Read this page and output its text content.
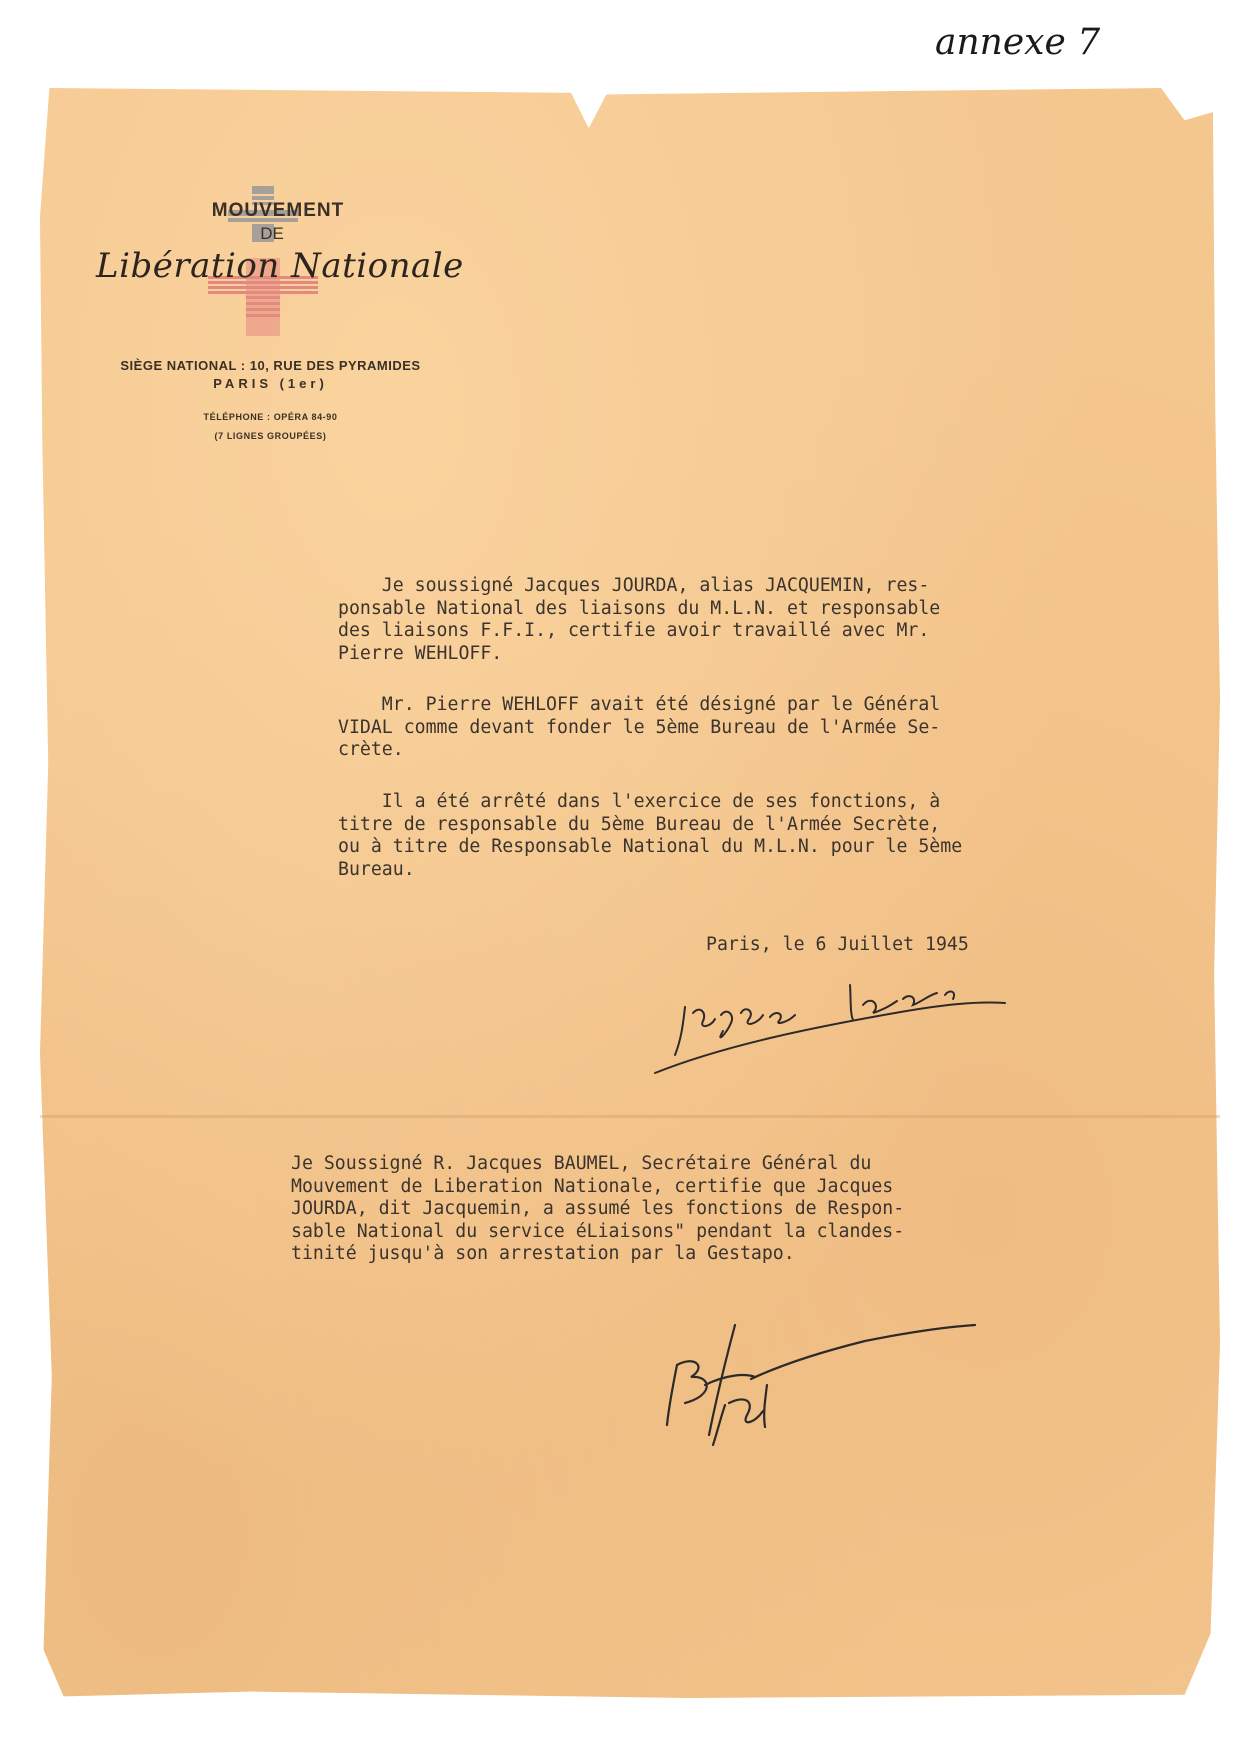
annexe 7
MOUVEMENT
DE
Libération Nationale
SIÈGE NATIONAL : 10, RUE DES PYRAMIDES
PARIS (1er)
TÉLÉPHONE : OPÉRA 84-90
(7 LIGNES GROUPÉES)
Je soussigné Jacques JOURDA, alias JACQUEMIN, res-
ponsable National des liaisons du M.L.N. et responsable
des liaisons F.F.I., certifie avoir travaillé avec Mr.
Pierre WEHLOFF.
Mr. Pierre WEHLOFF avait été désigné par le Général
VIDAL comme devant fonder le 5ème Bureau de l'Armée Se-
crète.
Il a été arrêté dans l'exercice de ses fonctions, à
titre de responsable du 5ème Bureau de l'Armée Secrète,
ou à titre de Responsable National du M.L.N. pour le 5ème
Bureau.
Paris, le 6 Juillet 1945
Je Soussigné R. Jacques BAUMEL, Secrétaire Général du
Mouvement de Liberation Nationale, certifie que Jacques
JOURDA, dit Jacquemin, a assumé les fonctions de Respon-
sable National du service éLiaisons" pendant la clandes-
tinité jusqu'à son arrestation par la Gestapo.
